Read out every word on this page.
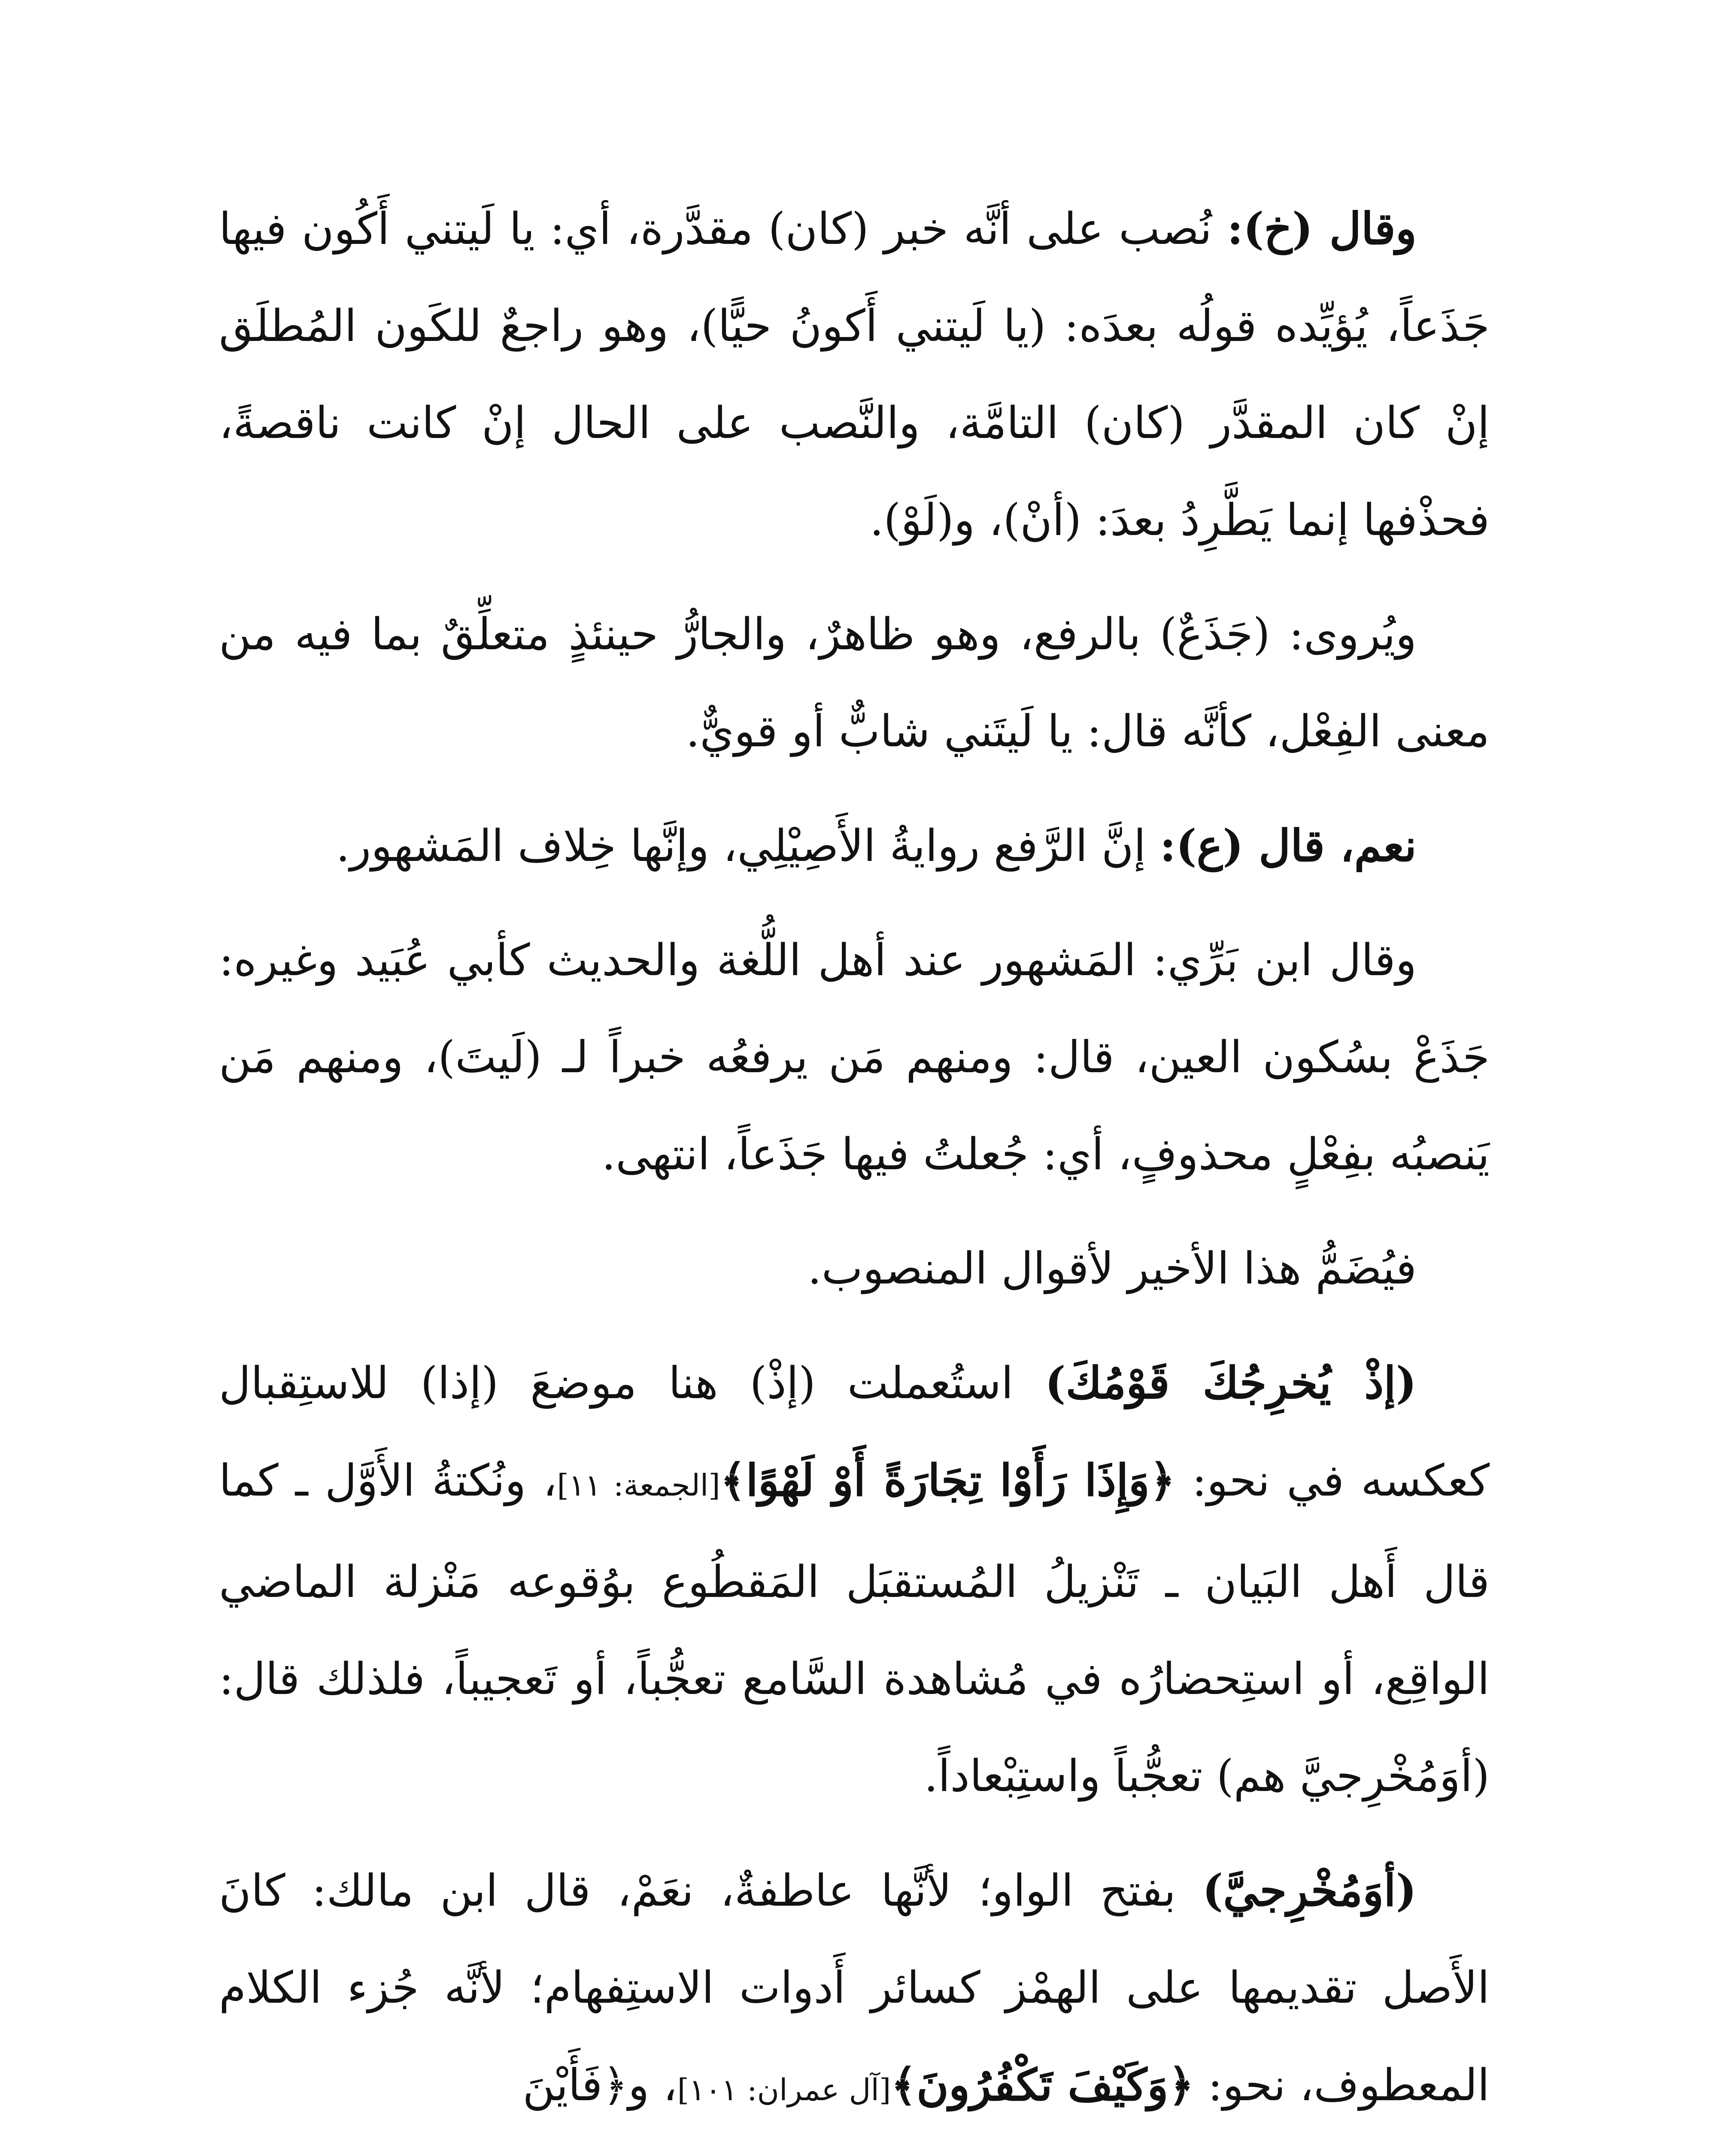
وقال (خ): نُصب على أنَّه خبر (كان) مقدَّرة، أي: يا لَيتني أَكُون فيها جَذَعاً، يُؤيِّده قولُه بعدَه: (يا لَيتني أَكونُ حيًّا)، وهو راجعٌ للكَون المُطلَق إنْ كان المقدَّر (كان) التامَّة، والنَّصب على الحال إنْ كانت ناقصةً، فحذْفها إنما يَطَّرِدُ بعدَ: (أنْ)، و(لَوْ).

ويُروى: (جَذَعٌ) بالرفع، وهو ظاهرٌ، والجارُّ حينئذٍ متعلِّقٌ بما فيه من معنى الفِعْل، كأنَّه قال: يا لَيتَني شابٌّ أو قويٌّ.

نعم، قال (ع): إنَّ الرَّفع روايةُ الأَصِيْلِي، وإنَّها خِلاف المَشهور.

وقال ابن بَرِّي: المَشهور عند أهل اللُّغة والحديث كأبي عُبَيد وغيره: جَذَعْ بسُكون العين، قال: ومنهم مَن يرفعُه خبراً لـ (لَيتَ)، ومنهم مَن يَنصبُه بفِعْلٍ محذوفٍ، أي: جُعلتُ فيها جَذَعاً، انتهى.

فيُضَمُّ هذا الأخير لأقوال المنصوب.

(إذْ يُخرِجُكَ قَوْمُكَ) استُعملت (إذْ) هنا موضعَ (إذا) للاستِقبال كعكسه في نحو: ﴿وَإِذَا رَأَوْا تِجَارَةً أَوْ لَهْوًا﴾[الجمعة: ١١]، ونُكتةُ الأَوَّل ـ كما قال أَهل البَيان ـ تَنْزيلُ المُستقبَل المَقطُوع بوُقوعه مَنْزلة الماضي الواقِع، أو استِحضارُه في مُشاهدة السَّامع تعجُّباً، أو تَعجيباً، فلذلك قال: (أوَمُخْرِجيَّ هم) تعجُّباً واستِبْعاداً.

(أوَمُخْرِجيَّ) بفتح الواو؛ لأنَّها عاطفةٌ، نعَمْ، قال ابن مالك: كانَ الأَصل تقديمها على الهمْز كسائر أَدوات الاستِفهام؛ لأنَّه جُزء الكلام المعطوف، نحو: ﴿وَكَيْفَ تَكْفُرُونَ﴾[آل عمران: ١٠١]، و﴿فَأَيْنَ
